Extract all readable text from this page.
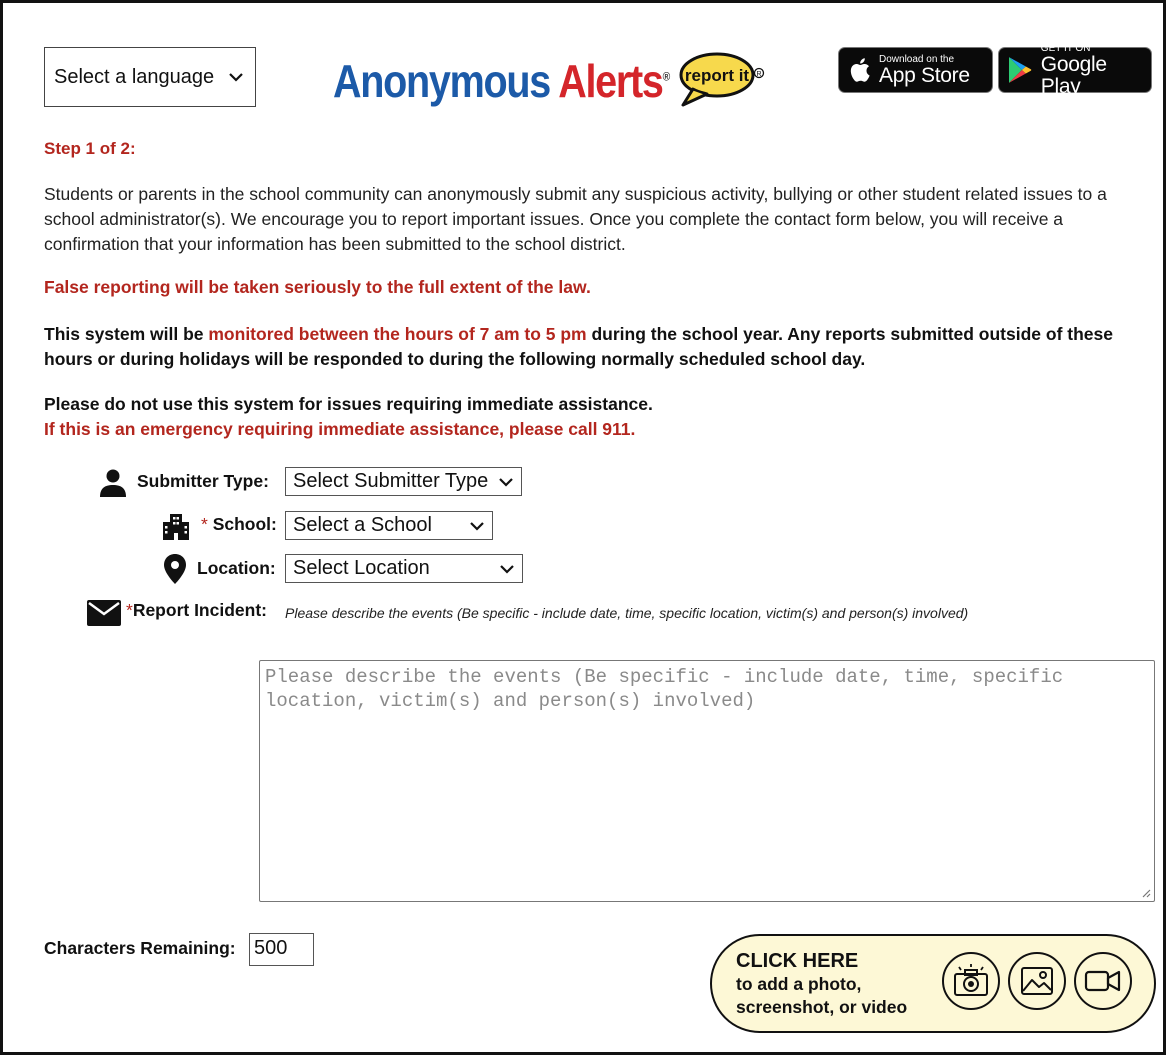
Select a language	Anonymous Alerts® report it R
Download on the
App Store
GET IT ON
Google Play
Step 1 of 2:
Students or parents in the school community can anonymously submit any suspicious activity, bullying or other student related issues to a school administrator(s). We encourage you to report important issues. Once you complete the contact form below, you will receive a confirmation that your information has been submitted to the school district.
False reporting will be taken seriously to the full extent of the law.
This system will be monitored between the hours of 7 am to 5 pm during the school year. Any reports submitted outside of these hours or during holidays will be responded to during the following normally scheduled school day.
Please do not use this system for issues requiring immediate assistance.
If this is an emergency requiring immediate assistance, please call 911.
Submitter Type: Select Submitter Type
* School: Select a School
Location: Select Location
*Report Incident: Please describe the events (Be specific - include date, time, specific location, victim(s) and person(s) involved)
Please describe the events (Be specific - include date, time, specific location, victim(s) and person(s) involved)
Characters Remaining: 500
CLICK HERE
to add a photo,
screenshot, or video
